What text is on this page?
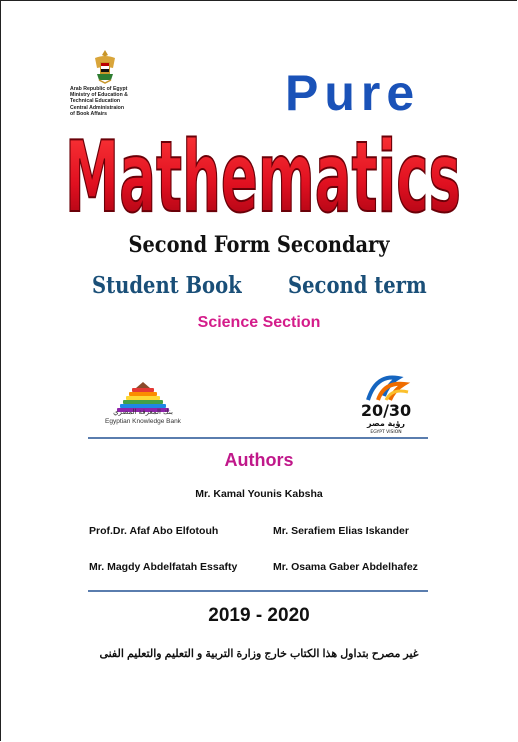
Arab Republic of Egypt
Ministry of Education &
Technical Education
Central Administraion
of Book Affairs	Pure
Mathematics
Second Form Secondary
Student Book Second term
Science Section
بنك المعرفة المصري
Egyptian Knowledge Bank
20/30
رؤية مصر
EGYPT VISION
Authors
Mr. Kamal Younis Kabsha
Prof.Dr. Afaf Abo Elfotouh	Mr. Serafiem Elias Iskander
Mr. Magdy Abdelfatah Essafty	Mr. Osama Gaber Abdelhafez
2019 - 2020
غير مصرح بتداول هذا الكتاب خارج وزارة التربية و التعليم والتعليم الفنى
